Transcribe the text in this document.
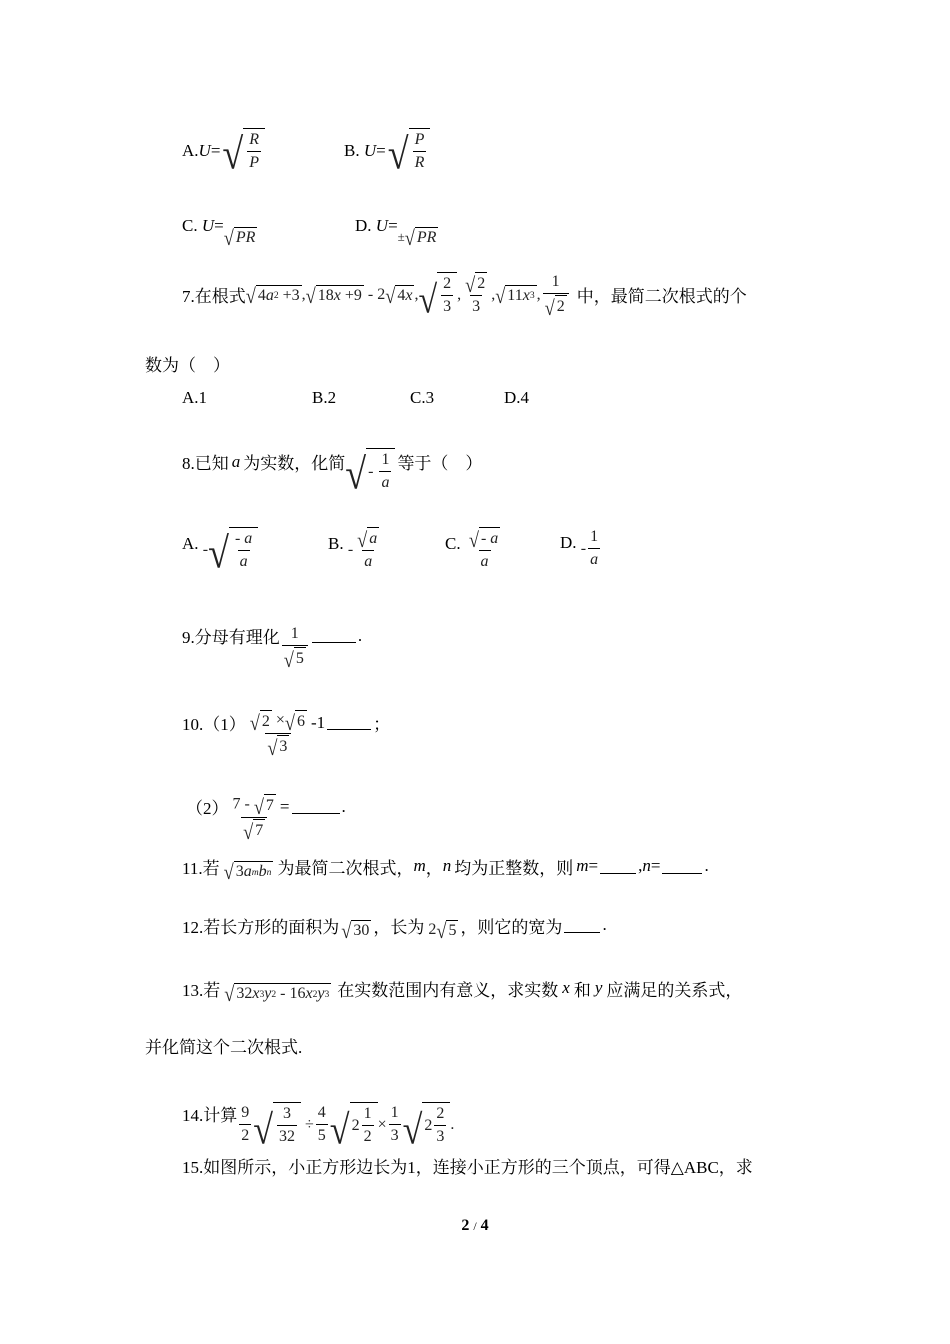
A. U = √ $\frac{R}{P}$	B.
U = √ $\frac{P}{R}$
C.
U =
√ PR
D.
U =
± √ PR
7.在根式 √ 4 a 2 +3 , √ 18 x +9 - 2 √ 4 x , √ $\frac{2}{3}$ , $\frac{√ 2}{3}$ , √ 11 x 3 , $\frac{1}{√ 2}$ 中，最简二次根式的个
数为（　）
A.1	B.2	C.3	D.4
8.已知 a 为实数，化简 √ - $\frac{1}{a}$ 等于（　）
A.
- √ $\frac{- a}{a}$	B.
- $\frac{√ a}{a}$	C.
$\frac{√ - a}{a}$	D.
- $\frac{1}{a}$
9.分母有理化 $\frac{1}{√ 5}$	.
$10.(1) \frac{√ 2 \times √ 6}{√ 3} -1$	；
$(2) \frac{7 - √ 7}{√ 7}$ =	.
11.若 √ 3 a m b n 为最简二次根式， m ， n 均为正整数，则 m = , n =	.
12.若长方形的面积为 √ 30 ，长为 2 √ 5 ，则它的宽为 .
13.若 √ 32 x 3 y 2 - 16 x 2 y 3 在实数范围内有意义，求实数 x 和 y 应满足的关系式，
并化简这个二次根式.
14.计算 $\frac{9}{2}$ √ $\frac{3}{32} \div \frac{4}{5}$ √ $2 \frac{1}{2} \times \frac{1}{3}$ √ $2 \frac{2}{3}$ .
15.如图所示，小正方形边长为1，连接小正方形的三个顶点，可得△ABC，求
2 / 4
